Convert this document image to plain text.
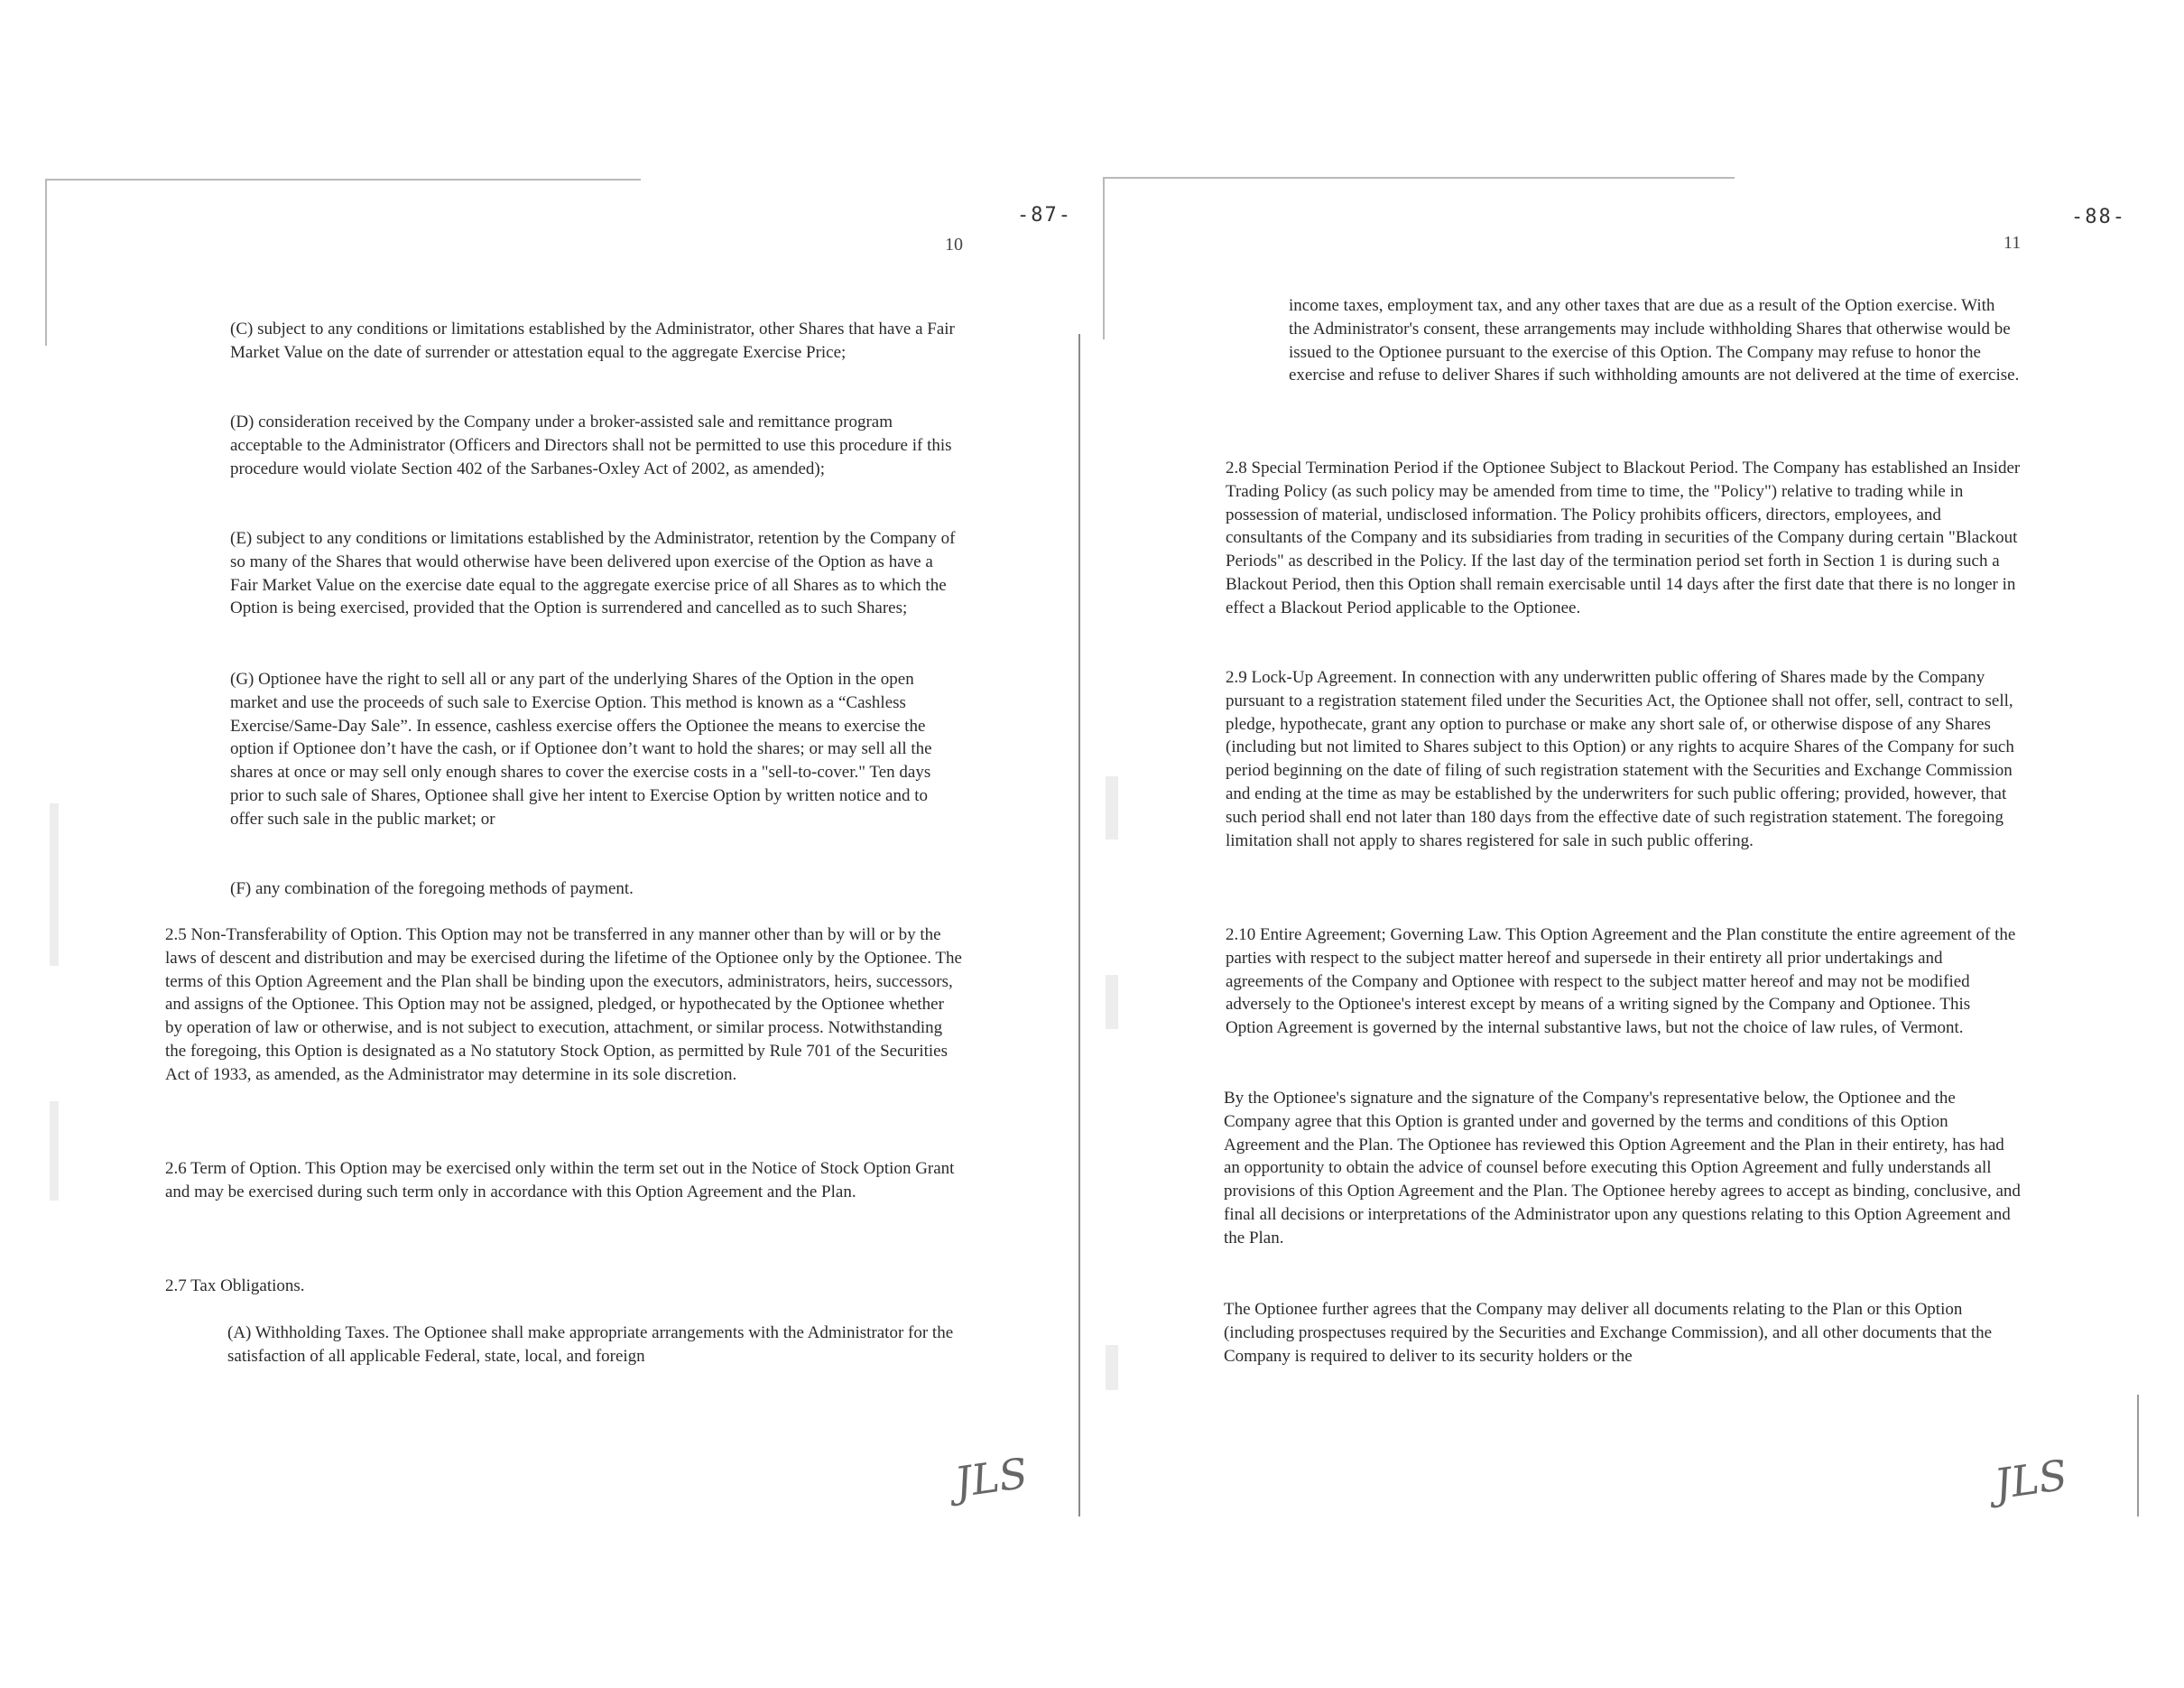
-87-
10

(C) subject to any conditions or limitations established by the Administrator, other Shares that have a Fair Market Value on the date of surrender or attestation equal to the aggregate Exercise Price;

(D) consideration received by the Company under a broker-assisted sale and remittance program acceptable to the Administrator (Officers and Directors shall not be permitted to use this procedure if this procedure would violate Section 402 of the Sarbanes-Oxley Act of 2002, as amended);

(E) subject to any conditions or limitations established by the Administrator, retention by the Company of so many of the Shares that would otherwise have been delivered upon exercise of the Option as have a Fair Market Value on the exercise date equal to the aggregate exercise price of all Shares as to which the Option is being exercised, provided that the Option is surrendered and cancelled as to such Shares;

(G) Optionee have the right to sell all or any part of the underlying Shares of the Option in the open market and use the proceeds of such sale to Exercise Option. This method is known as a “Cashless Exercise/Same-Day Sale”. In essence, cashless exercise offers the Optionee the means to exercise the option if Optionee don’t have the cash, or if Optionee don’t want to hold the shares; or may sell all the shares at once or may sell only enough shares to cover the exercise costs in a "sell-to-cover." Ten days prior to such sale of Shares, Optionee shall give her intent to Exercise Option by written notice and to offer such sale in the public market; or

(F) any combination of the foregoing methods of payment.

2.5 Non-Transferability of Option. This Option may not be transferred in any manner other than by will or by the laws of descent and distribution and may be exercised during the lifetime of the Optionee only by the Optionee. The terms of this Option Agreement and the Plan shall be binding upon the executors, administrators, heirs, successors, and assigns of the Optionee. This Option may not be assigned, pledged, or hypothecated by the Optionee whether by operation of law or otherwise, and is not subject to execution, attachment, or similar process. Notwithstanding the foregoing, this Option is designated as a No statutory Stock Option, as permitted by Rule 701 of the Securities Act of 1933, as amended, as the Administrator may determine in its sole discretion.

2.6 Term of Option. This Option may be exercised only within the term set out in the Notice of Stock Option Grant and may be exercised during such term only in accordance with this Option Agreement and the Plan.

2.7 Tax Obligations.

(A) Withholding Taxes. The Optionee shall make appropriate arrangements with the Administrator for the satisfaction of all applicable Federal, state, local, and foreign

JLS
-88-
11

income taxes, employment tax, and any other taxes that are due as a result of the Option exercise. With the Administrator's consent, these arrangements may include withholding Shares that otherwise would be issued to the Optionee pursuant to the exercise of this Option. The Company may refuse to honor the exercise and refuse to deliver Shares if such withholding amounts are not delivered at the time of exercise.

2.8 Special Termination Period if the Optionee Subject to Blackout Period. The Company has established an Insider Trading Policy (as such policy may be amended from time to time, the "Policy") relative to trading while in possession of material, undisclosed information. The Policy prohibits officers, directors, employees, and consultants of the Company and its subsidiaries from trading in securities of the Company during certain "Blackout Periods" as described in the Policy. If the last day of the termination period set forth in Section 1 is during such a Blackout Period, then this Option shall remain exercisable until 14 days after the first date that there is no longer in effect a Blackout Period applicable to the Optionee.

2.9 Lock-Up Agreement. In connection with any underwritten public offering of Shares made by the Company pursuant to a registration statement filed under the Securities Act, the Optionee shall not offer, sell, contract to sell, pledge, hypothecate, grant any option to purchase or make any short sale of, or otherwise dispose of any Shares (including but not limited to Shares subject to this Option) or any rights to acquire Shares of the Company for such period beginning on the date of filing of such registration statement with the Securities and Exchange Commission and ending at the time as may be established by the underwriters for such public offering; provided, however, that such period shall end not later than 180 days from the effective date of such registration statement. The foregoing limitation shall not apply to shares registered for sale in such public offering.

2.10 Entire Agreement; Governing Law. This Option Agreement and the Plan constitute the entire agreement of the parties with respect to the subject matter hereof and supersede in their entirety all prior undertakings and agreements of the Company and Optionee with respect to the subject matter hereof and may not be modified adversely to the Optionee's interest except by means of a writing signed by the Company and Optionee. This Option Agreement is governed by the internal substantive laws, but not the choice of law rules, of Vermont.

By the Optionee's signature and the signature of the Company's representative below, the Optionee and the Company agree that this Option is granted under and governed by the terms and conditions of this Option Agreement and the Plan. The Optionee has reviewed this Option Agreement and the Plan in their entirety, has had an opportunity to obtain the advice of counsel before executing this Option Agreement and fully understands all provisions of this Option Agreement and the Plan. The Optionee hereby agrees to accept as binding, conclusive, and final all decisions or interpretations of the Administrator upon any questions relating to this Option Agreement and the Plan.

The Optionee further agrees that the Company may deliver all documents relating to the Plan or this Option (including prospectuses required by the Securities and Exchange Commission), and all other documents that the Company is required to deliver to its security holders or the

JLS
